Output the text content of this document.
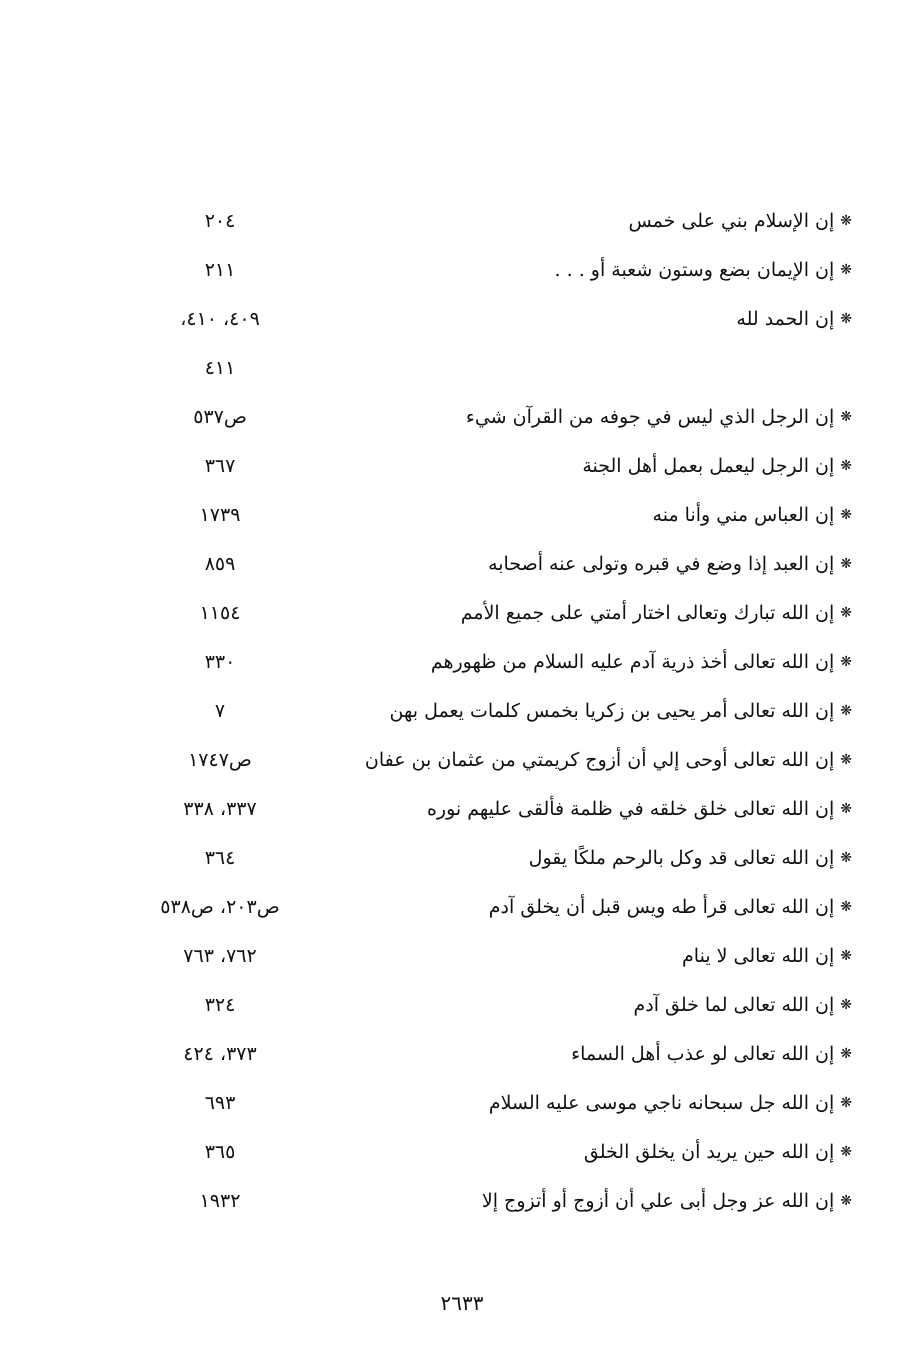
❋إن الإسلام بني على خمس
٢٠٤
❋إن الإيمان بضع وستون شعبة أو . . .
٢١١
❋إن الحمد لله
٤٠٩، ٤١٠،
٤١١
❋إن الرجل الذي ليس في جوفه من القرآن شيء
ص٥٣٧
❋إن الرجل ليعمل بعمل أهل الجنة
٣٦٧
❋إن العباس مني وأنا منه
١٧٣٩
❋إن العبد إذا وضع في قبره وتولى عنه أصحابه
٨٥٩
❋إن الله تبارك وتعالى اختار أمتي على جميع الأمم
١١٥٤
❋إن الله تعالى أخذ ذرية آدم عليه السلام من ظهورهم
٣٣٠
❋إن الله تعالى أمر يحيى بن زكريا بخمس كلمات يعمل بهن
٧
❋إن الله تعالى أوحى إلي أن أزوج كريمتي من عثمان بن عفان
ص١٧٤٧
❋إن الله تعالى خلق خلقه في ظلمة فألقى عليهم نوره
٣٣٧، ٣٣٨
❋إن الله تعالى قد وكل بالرحم ملكًا يقول
٣٦٤
❋إن الله تعالى قرأ طه ويس قبل أن يخلق آدم
ص٢٠٣، ص٥٣٨
❋إن الله تعالى لا ينام
٧٦٢، ٧٦٣
❋إن الله تعالى لما خلق آدم
٣٢٤
❋إن الله تعالى لو عذب أهل السماء
٣٧٣، ٤٢٤
❋إن الله جل سبحانه ناجي موسى عليه السلام
٦٩٣
❋إن الله حين يريد أن يخلق الخلق
٣٦٥
❋إن الله عز وجل أبى علي أن أزوج أو أتزوج إلا
١٩٣٢
٢٦٣٣
